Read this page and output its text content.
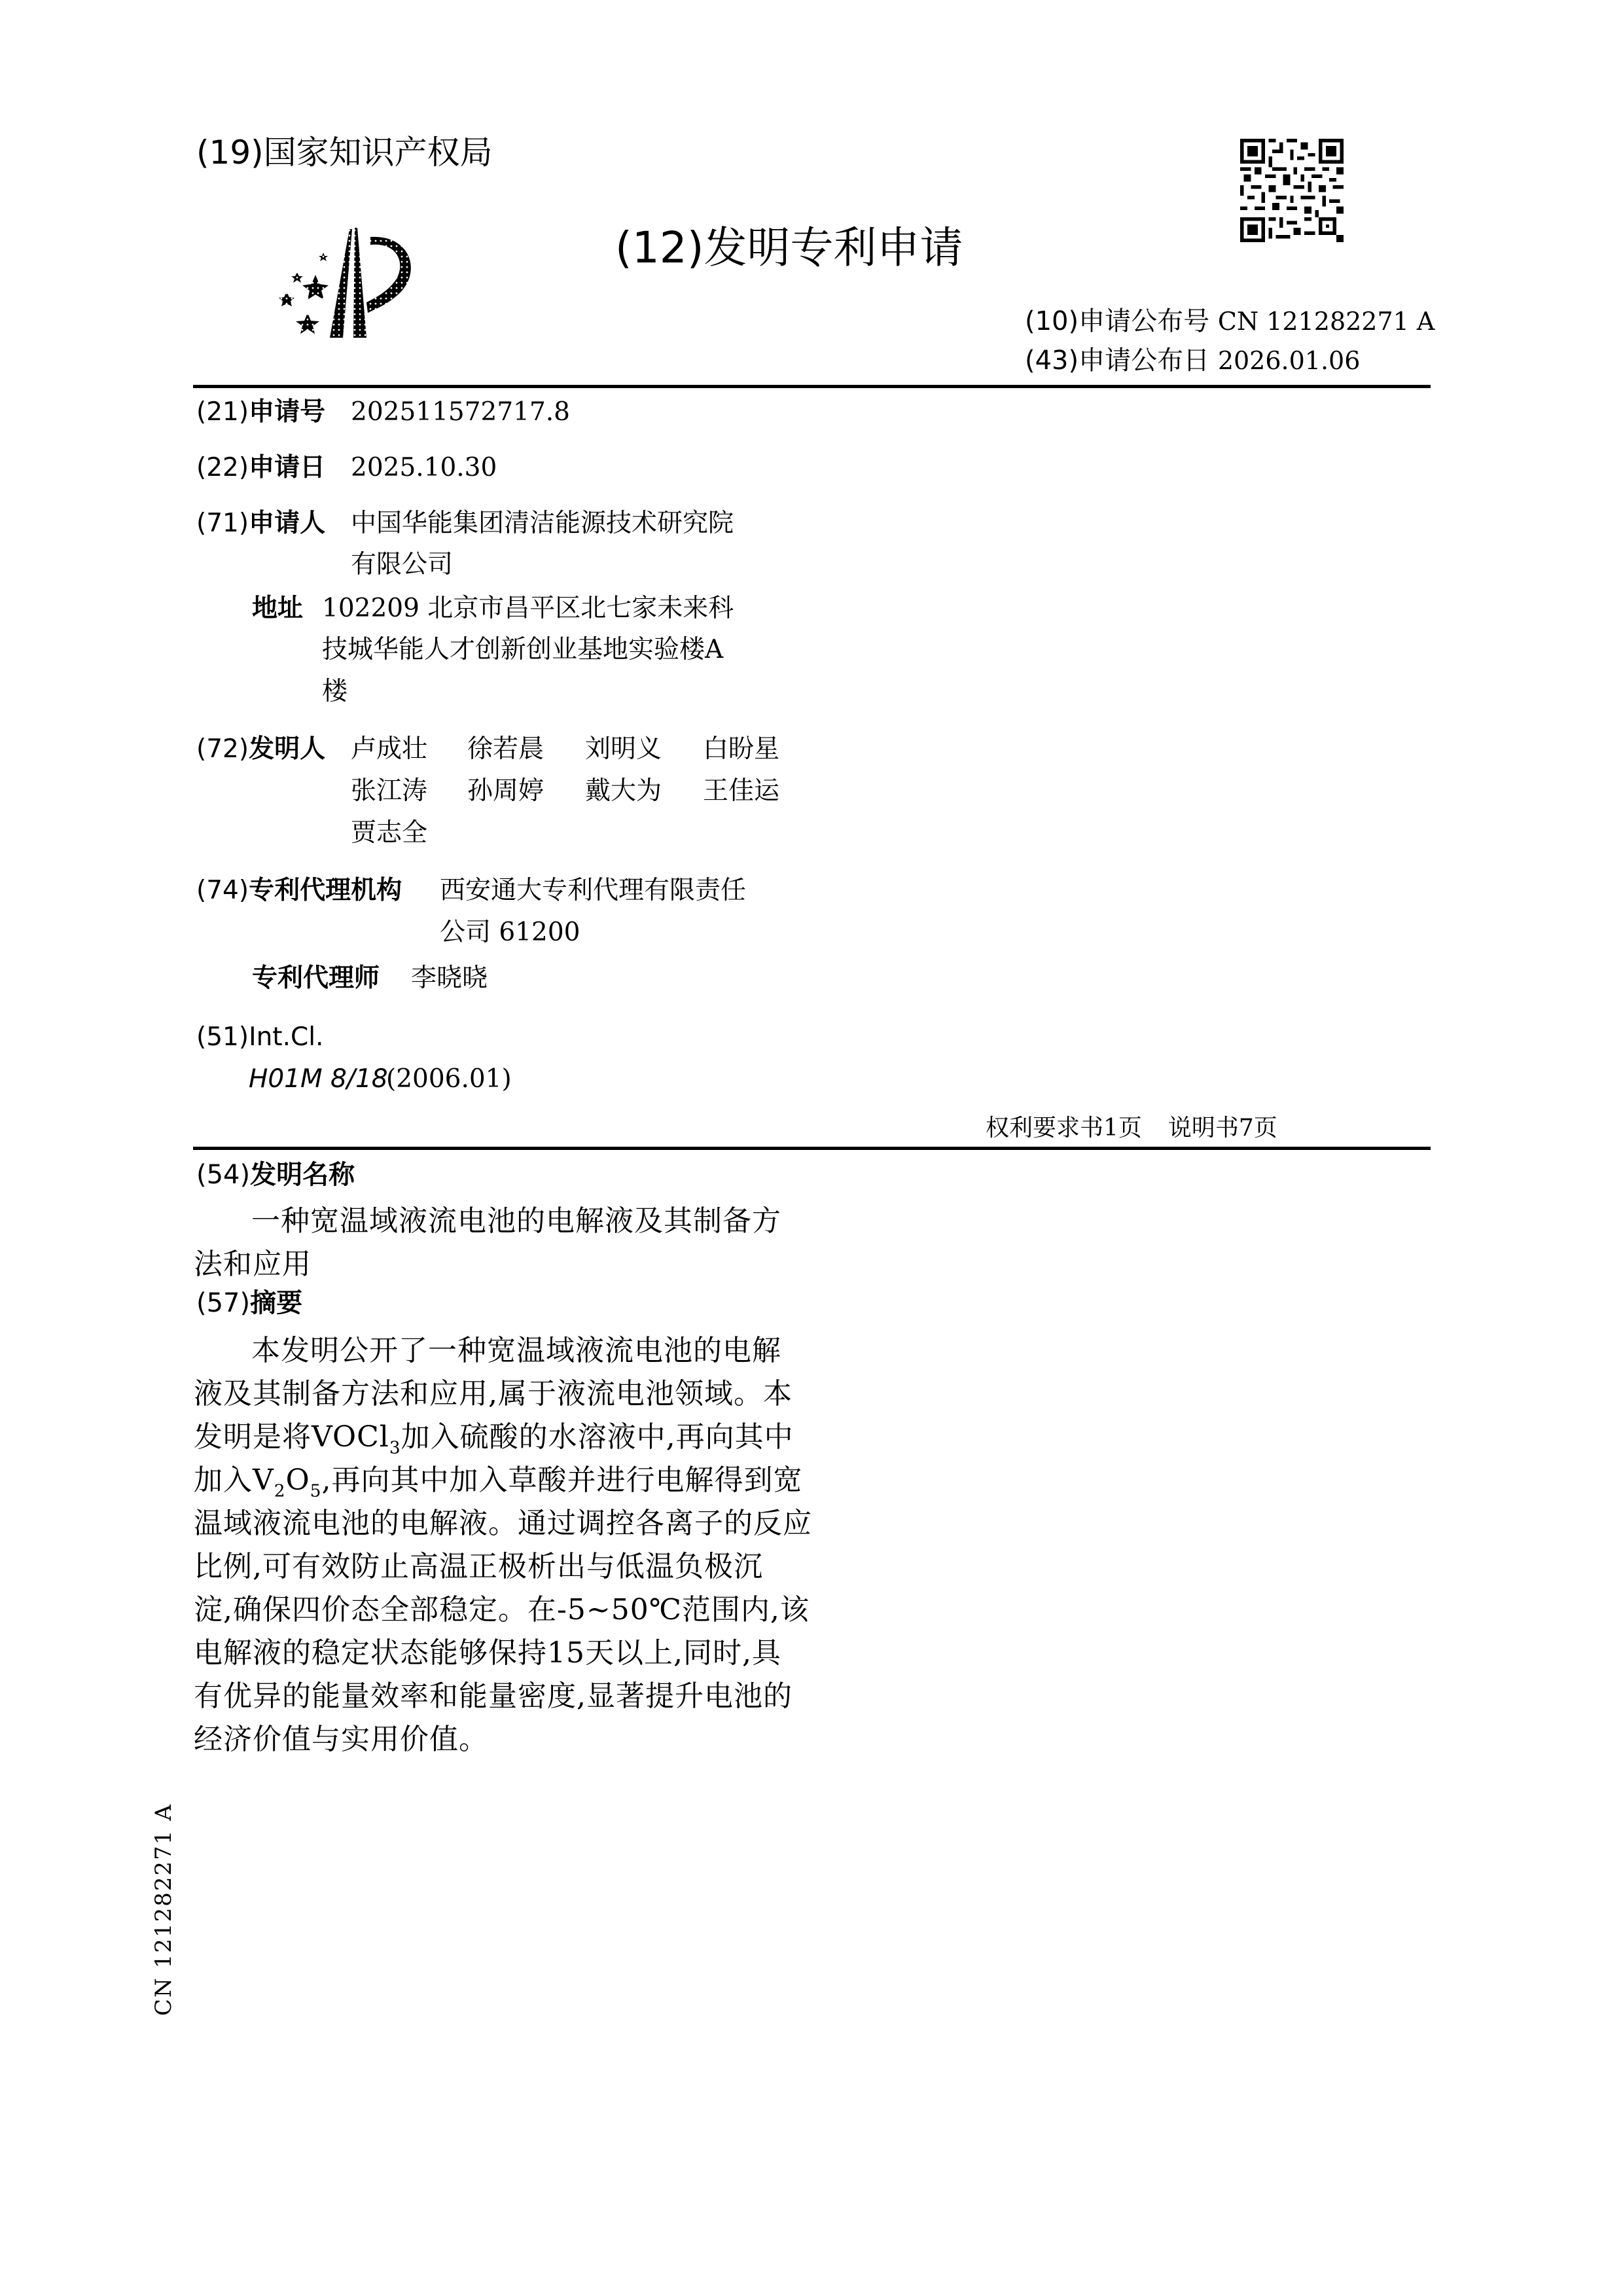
(19)国家知识产权局
(12)发明专利申请
(10)申请公布号 CN 121282271 A
(43)申请公布日 2026.01.06
(21)申请号 202511572717.8
(22)申请日 2025.10.30
(71)申请人 中国华能集团清洁能源技术研究院
有限公司
地址 102209 北京市昌平区北七家未来科
技城华能人才创新创业基地实验楼A
楼
(72)发明人 卢成壮 徐若晨 刘明义 白盼星
张江涛 孙周婷 戴大为 王佳运
贾志全
(74)专利代理机构 西安通大专利代理有限责任
公司 61200
专利代理师 李晓晓
(51)Int.Cl.
H01M 8/18
(2006.01)
权利要求书1页 说明书7页
(54)发明名称
一种宽温域液流电池的电解液及其制备方
法和应用
(57)摘要
本发明公开了一种宽温域液流电池的电解
液及其制备方法和应用,属于液流电池领域。本
发明是将VOCl$_3$加入硫酸的水溶液中,再向其中
加入$V_2O_5$,再向其中加入草酸并进行电解得到宽
温域液流电池的电解液。通过调控各离子的反应
比例,可有效防止高温正极析出与低温负极沉
淀,确保四价态全部稳定。在-5~50℃范围内,该
电解液的稳定状态能够保持15天以上,同时,具
有优异的能量效率和能量密度,显著提升电池的
经济价值与实用价值。
CN 121282271 A
